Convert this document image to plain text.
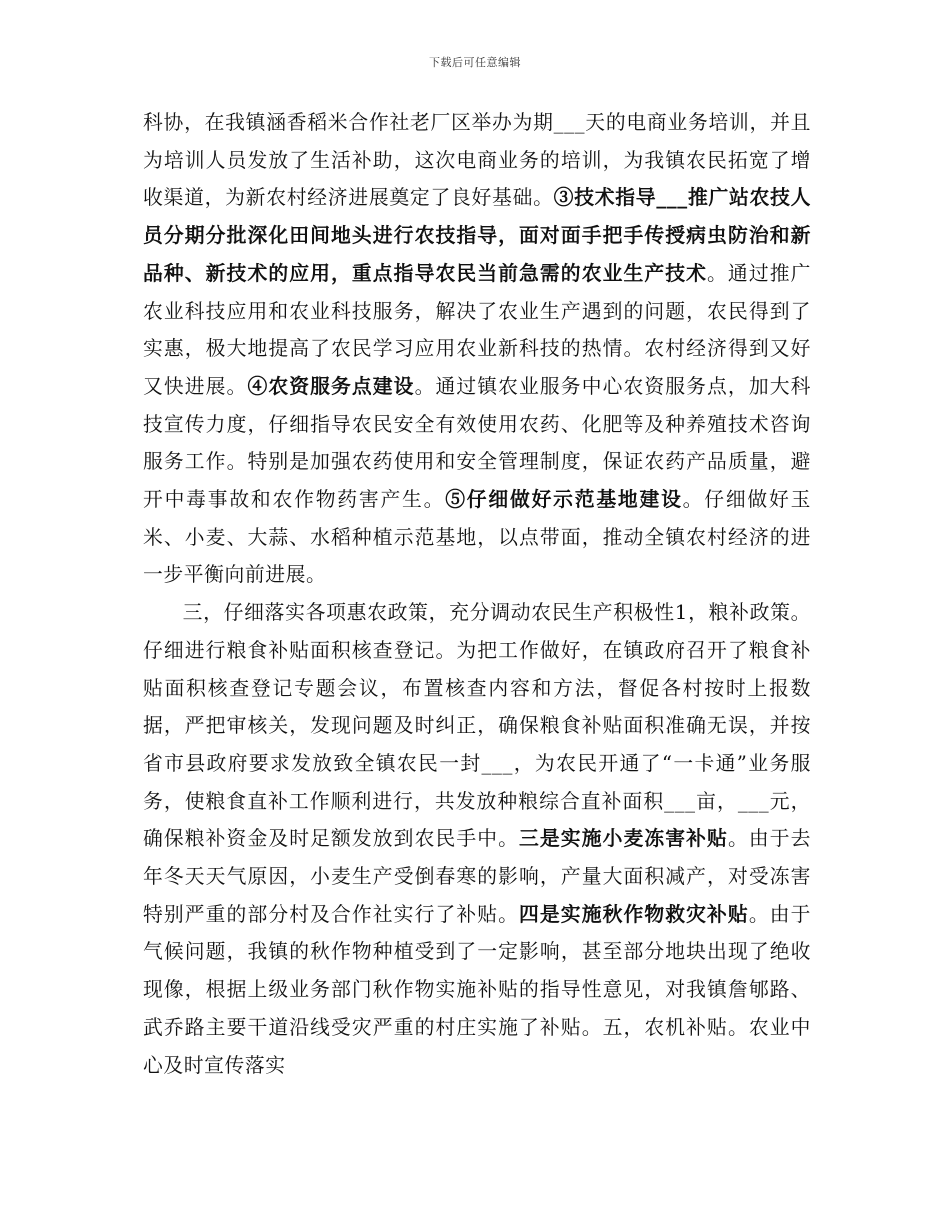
下载后可任意编辑

科协，在我镇涵香稻米合作社老厂区举办为期___天的电商业务培训，并且为培训人员发放了生活补助，这次电商业务的培训，为我镇农民拓宽了增收渠道，为新农村经济进展奠定了良好基础。③技术指导___推广站农技人员分期分批深化田间地头进行农技指导，面对面手把手传授病虫防治和新品种、新技术的应用，重点指导农民当前急需的农业生产技术。通过推广农业科技应用和农业科技服务，解决了农业生产遇到的问题，农民得到了实惠，极大地提高了农民学习应用农业新科技的热情。农村经济得到又好又快进展。④农资服务点建设。通过镇农业服务中心农资服务点，加大科技宣传力度，仔细指导农民安全有效使用农药、化肥等及种养殖技术咨询服务工作。特别是加强农药使用和安全管理制度，保证农药产品质量，避开中毒事故和农作物药害产生。⑤仔细做好示范基地建设。仔细做好玉米、小麦、大蒜、水稻种植示范基地，以点带面，推动全镇农村经济的进一步平衡向前进展。

三，仔细落实各项惠农政策，充分调动农民生产积极性1，粮补政策。仔细进行粮食补贴面积核查登记。为把工作做好，在镇政府召开了粮食补贴面积核查登记专题会议，布置核查内容和方法，督促各村按时上报数据，严把审核关，发现问题及时纠正，确保粮食补贴面积准确无误，并按省市县政府要求发放致全镇农民一封___，为农民开通了“一卡通”业务服务，使粮食直补工作顺利进行，共发放种粮综合直补面积___亩，___元，确保粮补资金及时足额发放到农民手中。三是实施小麦冻害补贴。由于去年冬天天气原因，小麦生产受倒春寒的影响，产量大面积减产，对受冻害特别严重的部分村及合作社实行了补贴。四是实施秋作物救灾补贴。由于气候问题，我镇的秋作物种植受到了一定影响，甚至部分地块出现了绝收现像，根据上级业务部门秋作物实施补贴的指导性意见，对我镇詹郇路、武乔路主要干道沿线受灾严重的村庄实施了补贴。五，农机补贴。农业中心及时宣传落实
